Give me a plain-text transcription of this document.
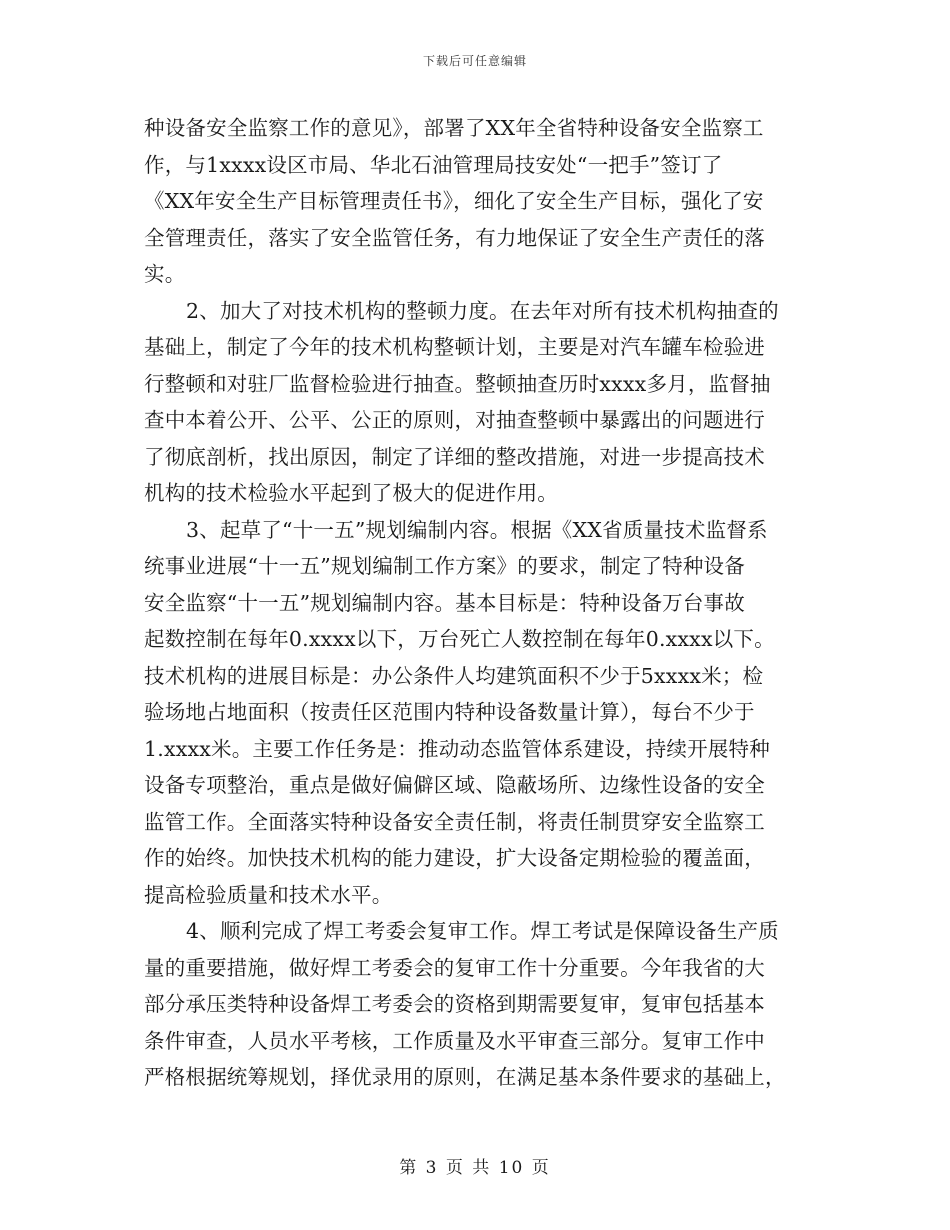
下载后可任意编辑
种设备安全监察工作的意见》，部署了XX年全省特种设备安全监察工
作，与1xxxx设区市局、华北石油管理局技安处“一把手”签订了
《XX年安全生产目标管理责任书》，细化了安全生产目标，强化了安
全管理责任，落实了安全监管任务，有力地保证了安全生产责任的落
实。
2、加大了对技术机构的整顿力度。在去年对所有技术机构抽查的
基础上，制定了今年的技术机构整顿计划，主要是对汽车罐车检验进
行整顿和对驻厂监督检验进行抽查。整顿抽查历时xxxx多月，监督抽
查中本着公开、公平、公正的原则，对抽查整顿中暴露出的问题进行
了彻底剖析，找出原因，制定了详细的整改措施，对进一步提高技术
机构的技术检验水平起到了极大的促进作用。
3、起草了“十一五”规划编制内容。根据《XX省质量技术监督系
统事业进展“十一五”规划编制工作方案》的要求，制定了特种设备
安全监察“十一五”规划编制内容。基本目标是：特种设备万台事故
起数控制在每年0.xxxx以下，万台死亡人数控制在每年0.xxxx以下。
技术机构的进展目标是：办公条件人均建筑面积不少于5xxxx米；检
验场地占地面积（按责任区范围内特种设备数量计算），每台不少于
1.xxxx米。主要工作任务是：推动动态监管体系建设，持续开展特种
设备专项整治，重点是做好偏僻区域、隐蔽场所、边缘性设备的安全
监管工作。全面落实特种设备安全责任制，将责任制贯穿安全监察工
作的始终。加快技术机构的能力建设，扩大设备定期检验的覆盖面，
提高检验质量和技术水平。
4、顺利完成了焊工考委会复审工作。焊工考试是保障设备生产质
量的重要措施，做好焊工考委会的复审工作十分重要。今年我省的大
部分承压类特种设备焊工考委会的资格到期需要复审，复审包括基本
条件审查，人员水平考核，工作质量及水平审查三部分。复审工作中
严格根据统筹规划，择优录用的原则，在满足基本条件要求的基础上，
第 3 页 共 10 页
